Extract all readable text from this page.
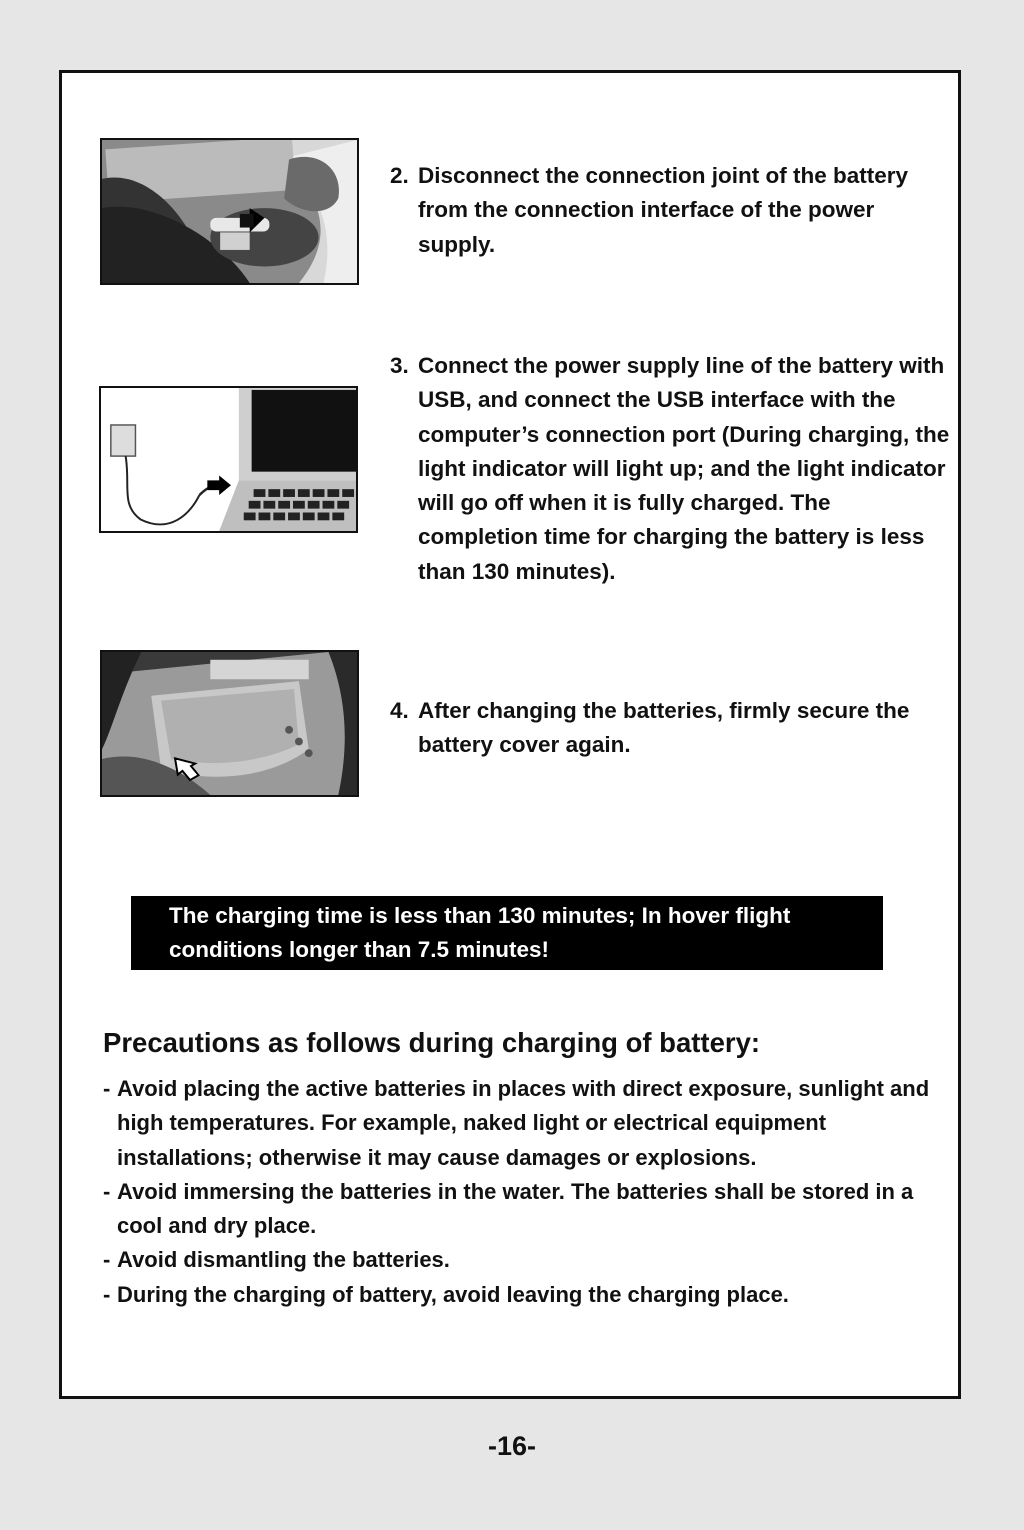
2. Disconnect the connection joint of the battery from the connection interface of the power supply.
3. Connect the power supply line of the battery with USB, and connect the USB interface with the computer’s connection port (During charging, the light indicator will light up; and the light indicator will go off when it is fully charged. The completion time for charging the battery is less than 130 minutes).
4. After changing the batteries, firmly secure the battery cover again.
The charging time is less than 130 minutes; In hover flight conditions longer than 7.5 minutes!
Precautions as follows during charging of battery:
- Avoid placing the active batteries in places with direct exposure, sunlight and high temperatures. For example, naked light or electrical equipment installations; otherwise it may cause damages or explosions.
- Avoid immersing the batteries in the water. The batteries shall be stored in a cool and dry place.
- Avoid dismantling the batteries.
- During the charging of battery, avoid leaving the charging place.
-16-
